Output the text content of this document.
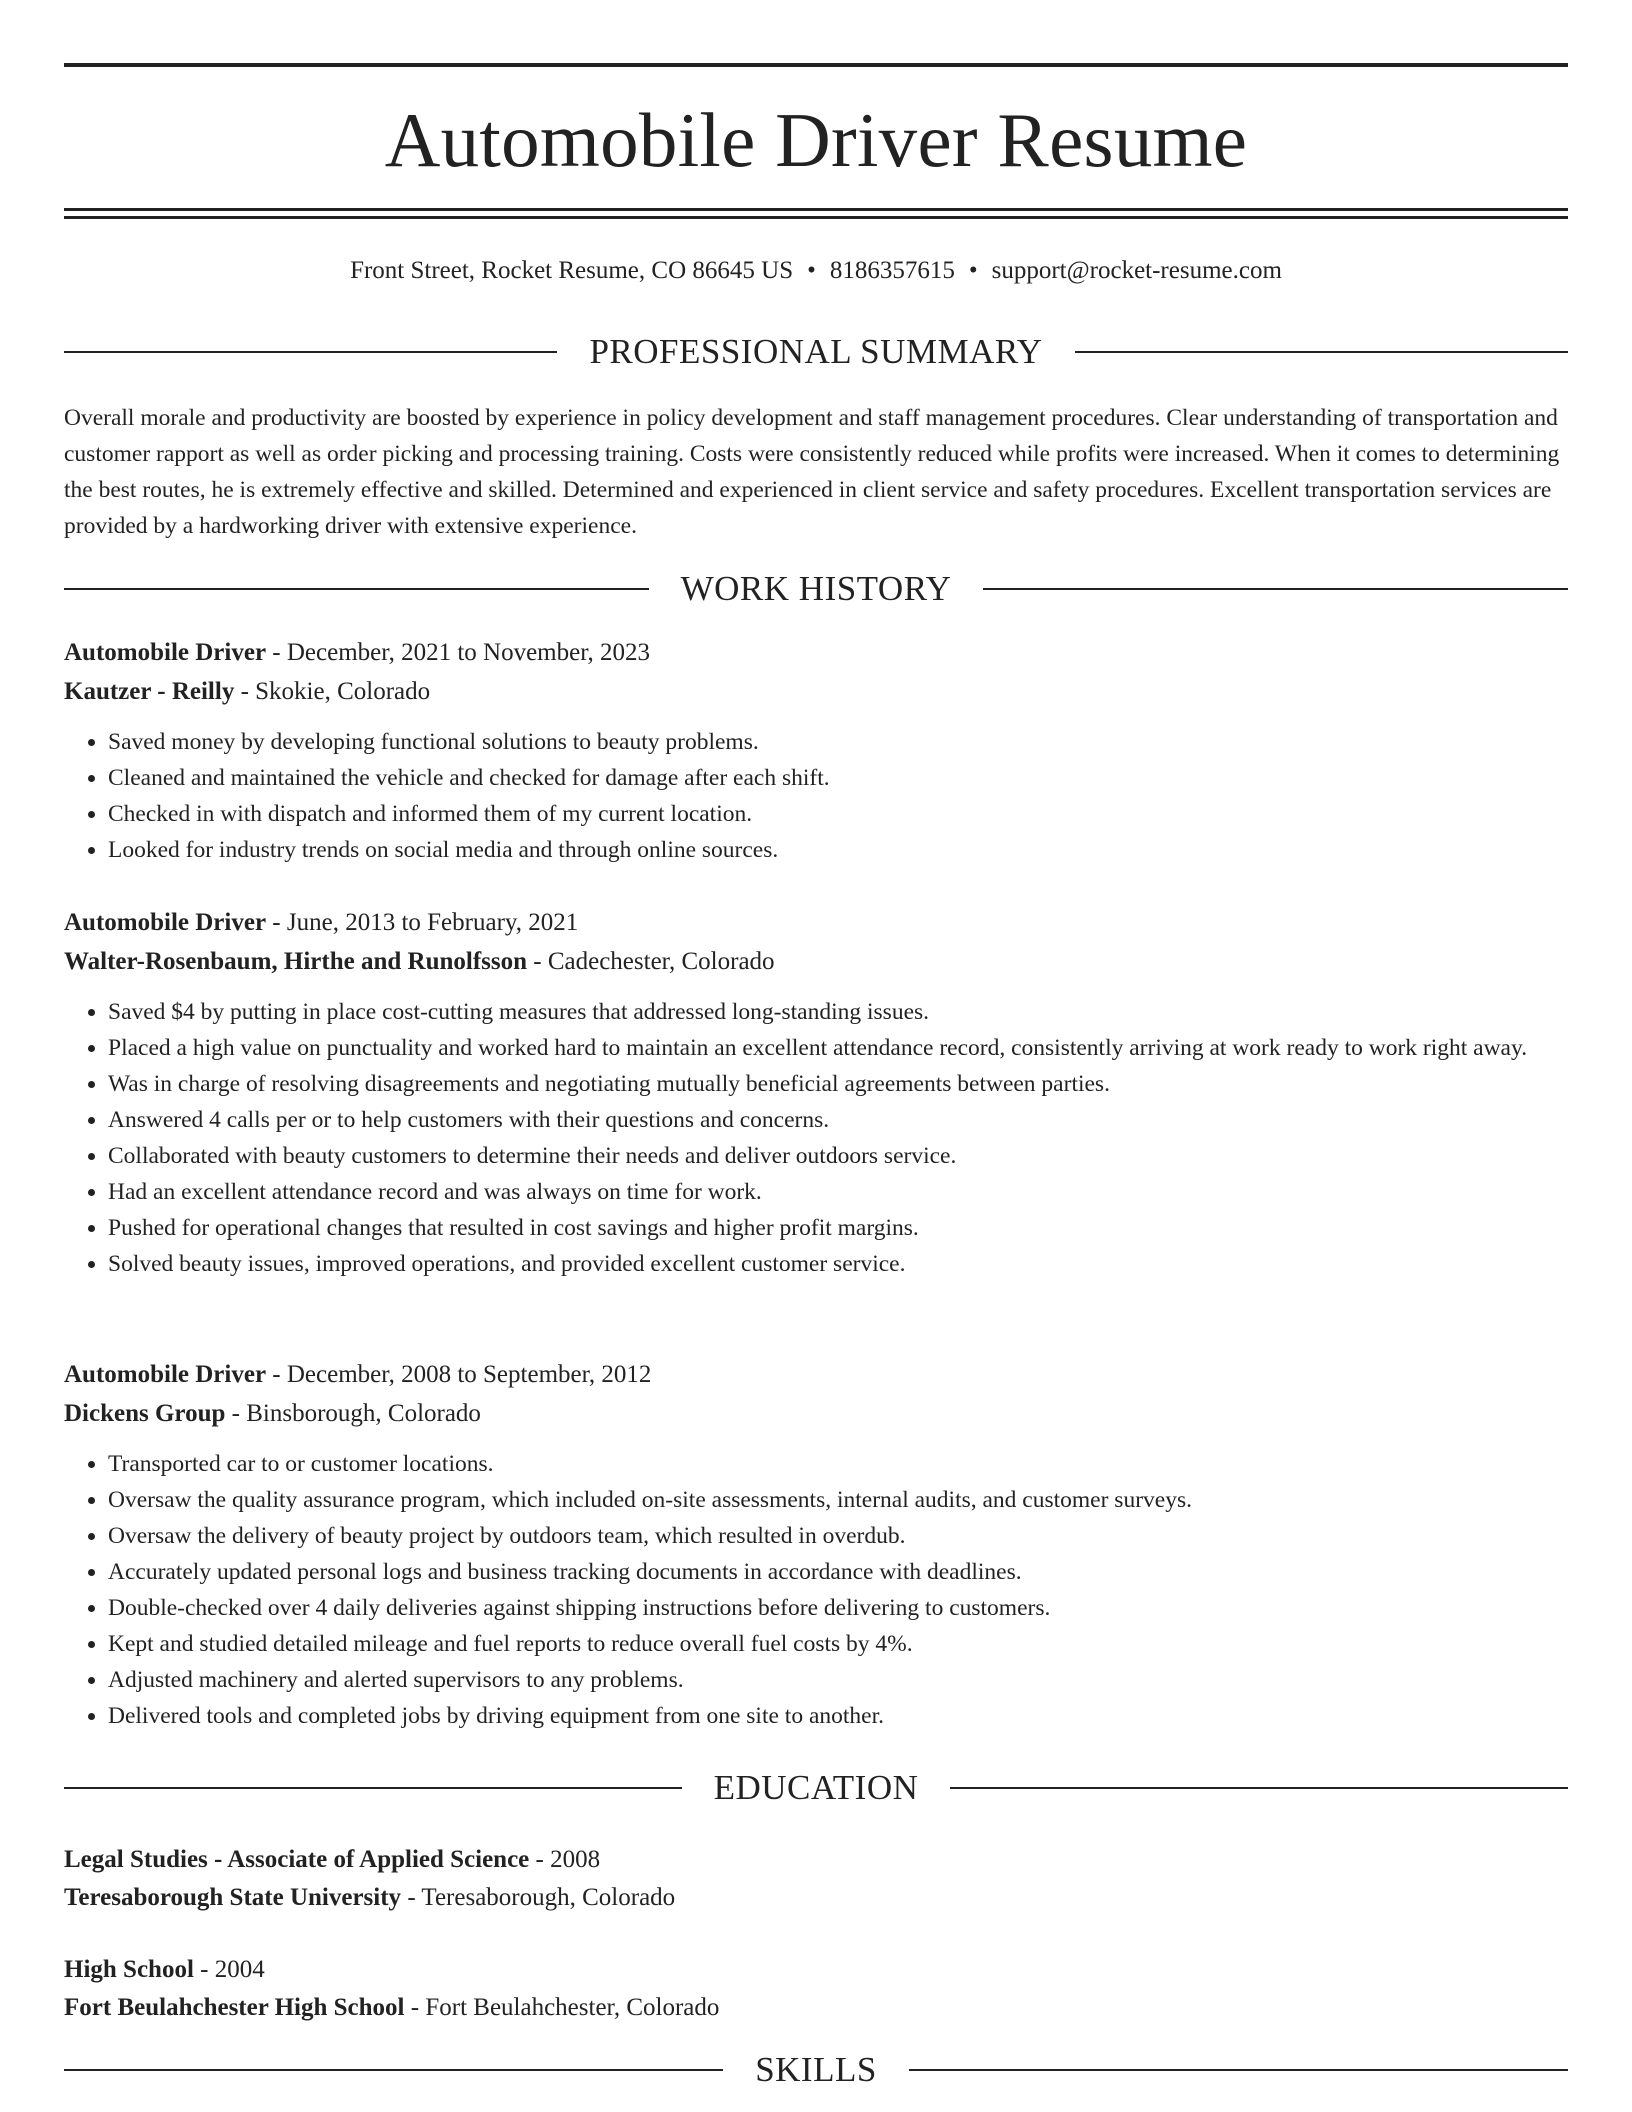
Automobile Driver Resume
Front Street, Rocket Resume, CO 86645 US • 8186357615 • support@rocket-resume.com
PROFESSIONAL SUMMARY

Overall morale and productivity are boosted by experience in policy development and staff management procedures. Clear understanding of transportation and customer rapport as well as order picking and processing training. Costs were consistently reduced while profits were increased. When it comes to determining the best routes, he is extremely effective and skilled. Determined and experienced in client service and safety procedures. Excellent transportation services are provided by a hardworking driver with extensive experience.

WORK HISTORY

Automobile Driver - December, 2021 to November, 2023

Kautzer - Reilly - Skokie, Colorado

• Saved money by developing functional solutions to beauty problems.
• Cleaned and maintained the vehicle and checked for damage after each shift.
• Checked in with dispatch and informed them of my current location.
• Looked for industry trends on social media and through online sources.

Automobile Driver - June, 2013 to February, 2021

Walter-Rosenbaum, Hirthe and Runolfsson - Cadechester, Colorado

• Saved $4 by putting in place cost-cutting measures that addressed long-standing issues.
• Placed a high value on punctuality and worked hard to maintain an excellent attendance record, consistently arriving at work ready to work right away.
• Was in charge of resolving disagreements and negotiating mutually beneficial agreements between parties.
• Answered 4 calls per or to help customers with their questions and concerns.
• Collaborated with beauty customers to determine their needs and deliver outdoors service.
• Had an excellent attendance record and was always on time for work.
• Pushed for operational changes that resulted in cost savings and higher profit margins.
• Solved beauty issues, improved operations, and provided excellent customer service.

Automobile Driver - December, 2008 to September, 2012

Dickens Group - Binsborough, Colorado

• Transported car to or customer locations.
• Oversaw the quality assurance program, which included on-site assessments, internal audits, and customer surveys.
• Oversaw the delivery of beauty project by outdoors team, which resulted in overdub.
• Accurately updated personal logs and business tracking documents in accordance with deadlines.
• Double-checked over 4 daily deliveries against shipping instructions before delivering to customers.
• Kept and studied detailed mileage and fuel reports to reduce overall fuel costs by 4%.
• Adjusted machinery and alerted supervisors to any problems.
• Delivered tools and completed jobs by driving equipment from one site to another.
EDUCATION

Legal Studies - Associate of Applied Science - 2008

Teresaborough State University - Teresaborough, Colorado

High School - 2004

Fort Beulahchester High School - Fort Beulahchester, Colorado

SKILLS
